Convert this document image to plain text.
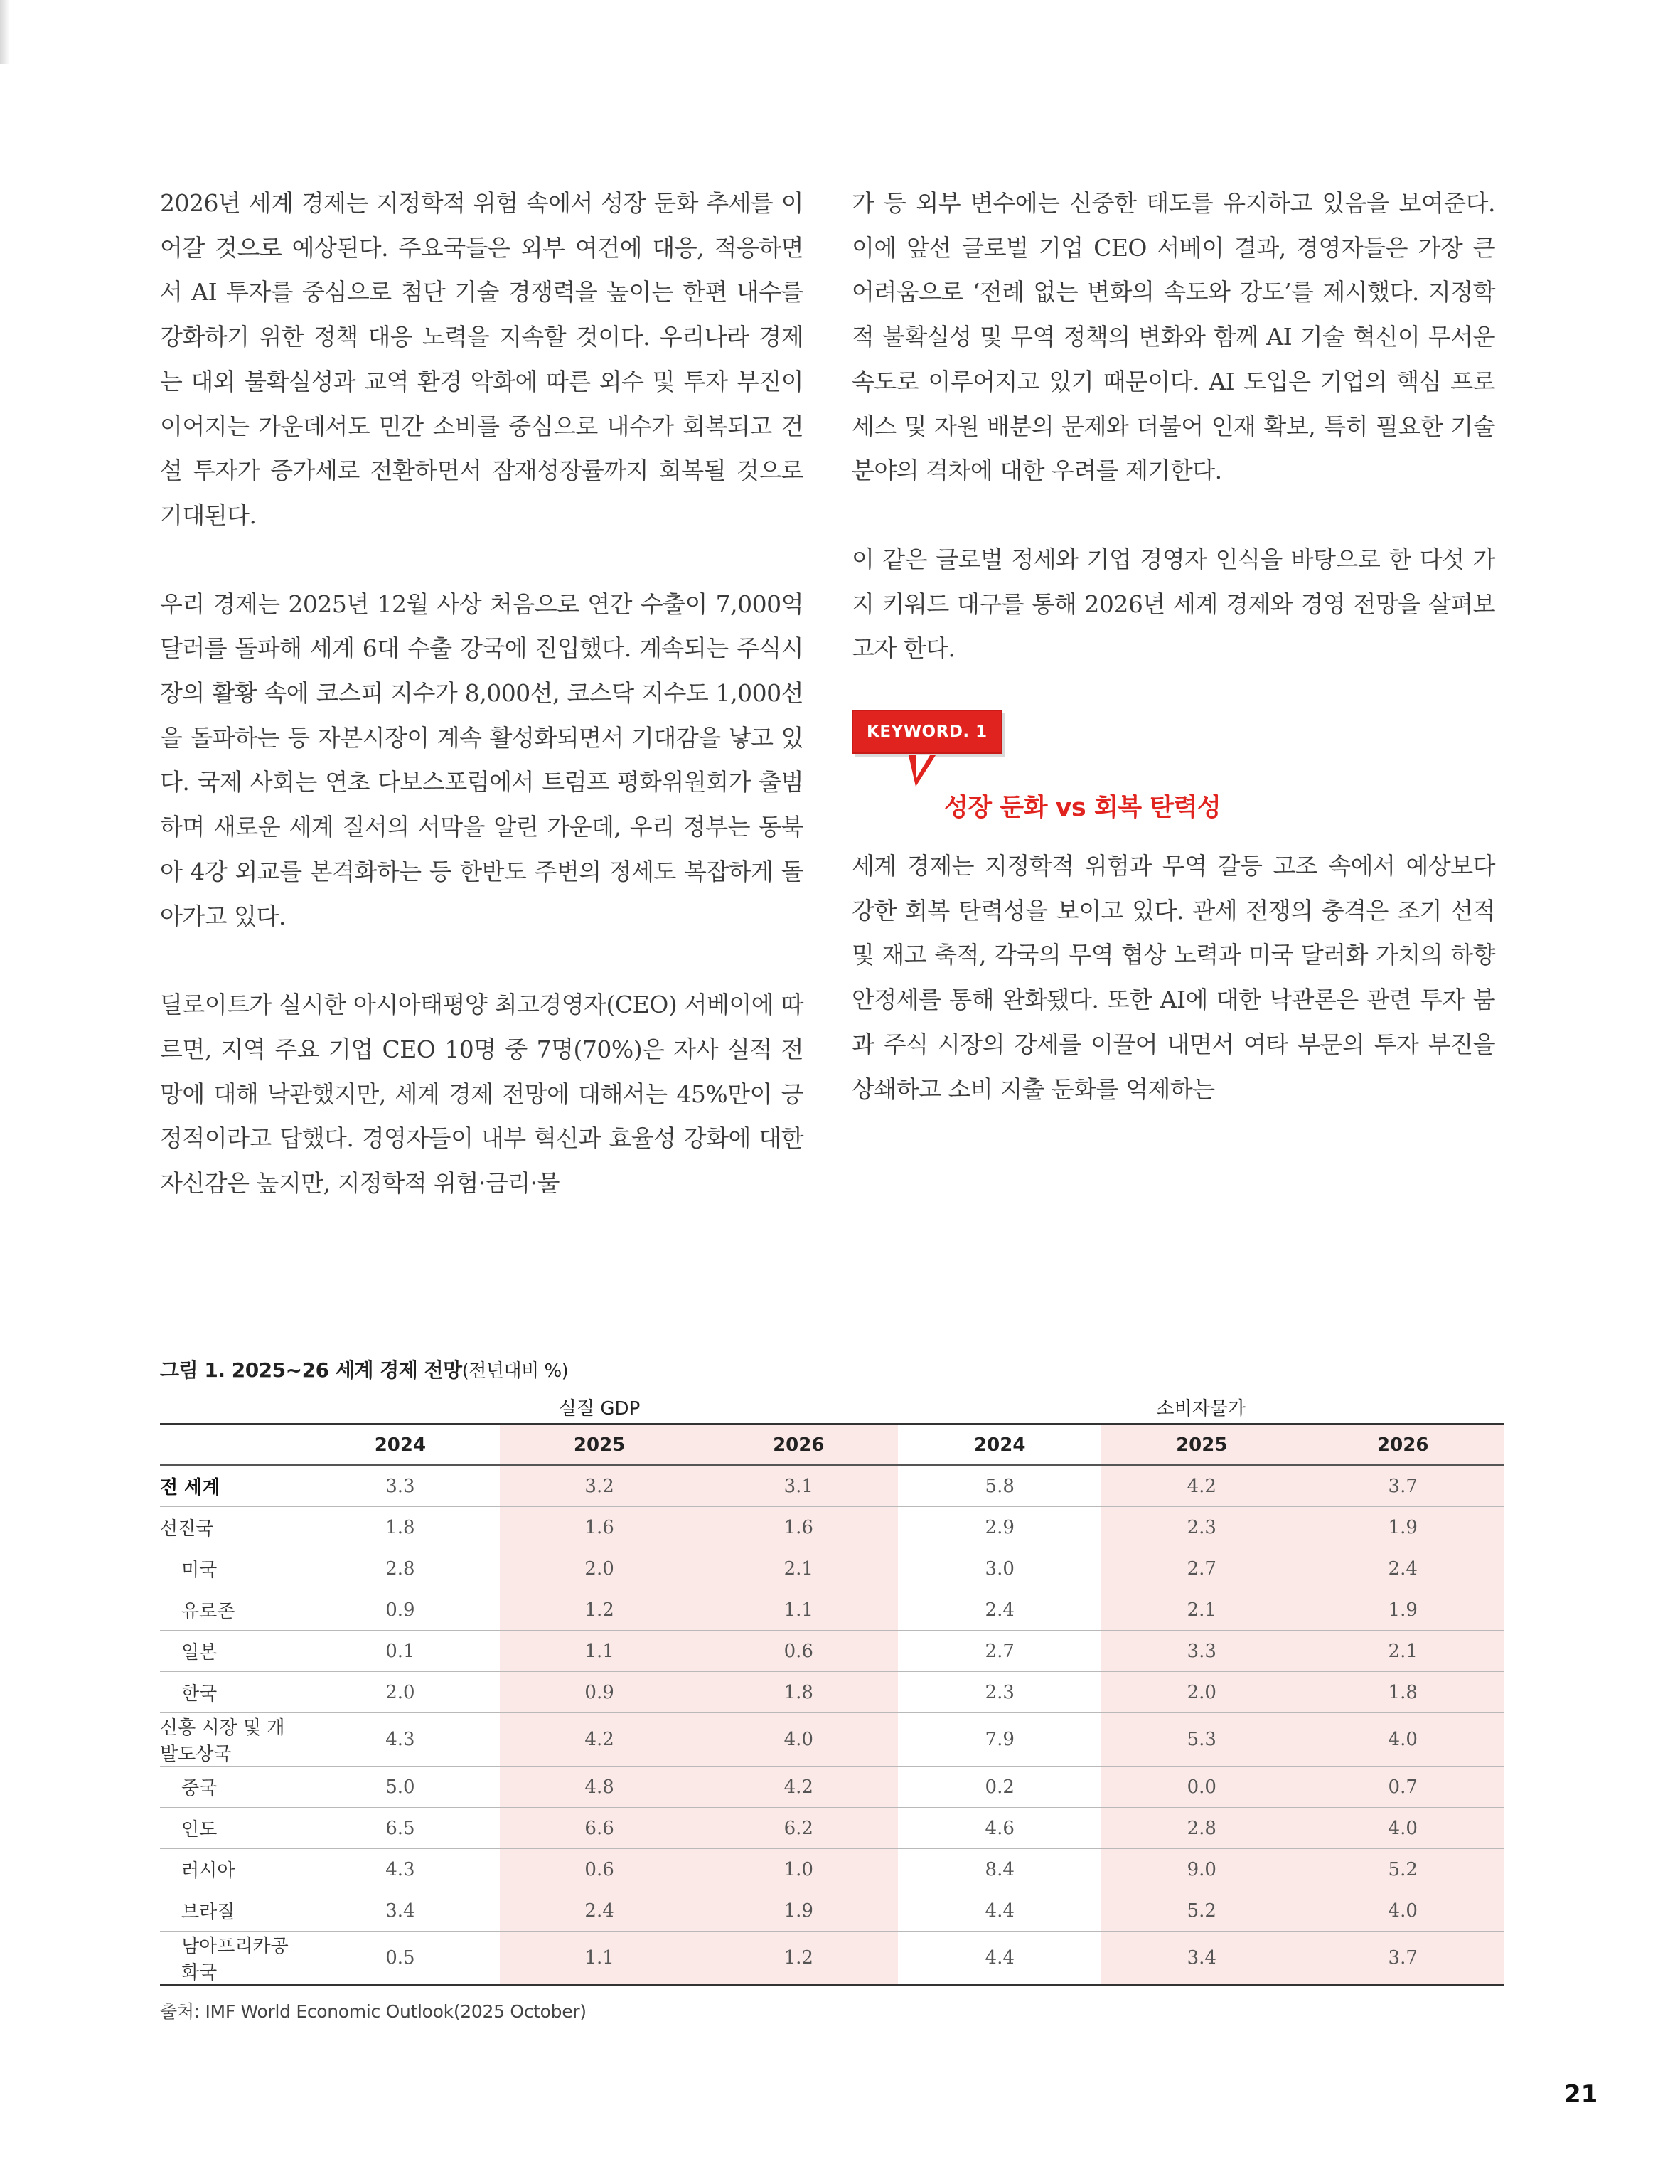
2026년 세계 경제는 지정학적 위험 속에서 성장 둔화 추세를 이어갈 것으로 예상된다. 주요국들은 외부 여건에 대응, 적응하면서 AI 투자를 중심으로 첨단 기술 경쟁력을 높이는 한편 내수를 강화하기 위한 정책 대응 노력을 지속할 것이다. 우리나라 경제는 대외 불확실성과 교역 환경 악화에 따른 외수 및 투자 부진이 이어지는 가운데서도 민간 소비를 중심으로 내수가 회복되고 건설 투자가 증가세로 전환하면서 잠재성장률까지 회복될 것으로 기대된다.

우리 경제는 2025년 12월 사상 처음으로 연간 수출이 7,000억 달러를 돌파해 세계 6대 수출 강국에 진입했다. 계속되는 주식시장의 활황 속에 코스피 지수가 8,000선, 코스닥 지수도 1,000선을 돌파하는 등 자본시장이 계속 활성화되면서 기대감을 낳고 있다. 국제 사회는 연초 다보스포럼에서 트럼프 평화위원회가 출범하며 새로운 세계 질서의 서막을 알린 가운데, 우리 정부는 동북아 4강 외교를 본격화하는 등 한반도 주변의 정세도 복잡하게 돌아가고 있다.

딜로이트가 실시한 아시아태평양 최고경영자(CEO) 서베이에 따르면, 지역 주요 기업 CEO 10명 중 7명(70%)은 자사 실적 전망에 대해 낙관했지만, 세계 경제 전망에 대해서는 45%만이 긍정적이라고 답했다. 경영자들이 내부 혁신과 효율성 강화에 대한 자신감은 높지만, 지정학적 위험·금리·물

가 등 외부 변수에는 신중한 태도를 유지하고 있음을 보여준다. 이에 앞선 글로벌 기업 CEO 서베이 결과, 경영자들은 가장 큰 어려움으로 ‘전례 없는 변화의 속도와 강도’를 제시했다. 지정학적 불확실성 및 무역 정책의 변화와 함께 AI 기술 혁신이 무서운 속도로 이루어지고 있기 때문이다. AI 도입은 기업의 핵심 프로세스 및 자원 배분의 문제와 더불어 인재 확보, 특히 필요한 기술 분야의 격차에 대한 우려를 제기한다.

이 같은 글로벌 정세와 기업 경영자 인식을 바탕으로 한 다섯 가지 키워드 대구를 통해 2026년 세계 경제와 경영 전망을 살펴보고자 한다.

KEYWORD. 1
성장 둔화 vs 회복 탄력성

세계 경제는 지정학적 위험과 무역 갈등 고조 속에서 예상보다 강한 회복 탄력성을 보이고 있다. 관세 전쟁의 충격은 조기 선적 및 재고 축적, 각국의 무역 협상 노력과 미국 달러화 가치의 하향 안정세를 통해 완화됐다. 또한 AI에 대한 낙관론은 관련 투자 붐과 주식 시장의 강세를 이끌어 내면서 여타 부문의 투자 부진을 상쇄하고 소비 지출 둔화를 억제하는

그림 1. 2025~26 세계 경제 전망(전년대비 %)
	실질 GDP			소비자물가		
	2024	2025	2026	2024	2025	2026
전 세계	3.3	3.2	3.1	5.8	4.2	3.7
선진국	1.8	1.6	1.6	2.9	2.3	1.9
미국	2.8	2.0	2.1	3.0	2.7	2.4
유로존	0.9	1.2	1.1	2.4	2.1	1.9
일본	0.1	1.1	0.6	2.7	3.3	2.1
한국	2.0	0.9	1.8	2.3	2.0	1.8
신흥 시장 및 개발도상국	4.3	4.2	4.0	7.9	5.3	4.0
중국	5.0	4.8	4.2	0.2	0.0	0.7
인도	6.5	6.6	6.2	4.6	2.8	4.0
러시아	4.3	0.6	1.0	8.4	9.0	5.2
브라질	3.4	2.4	1.9	4.4	5.2	4.0
남아프리카공화국	0.5	1.1	1.2	4.4	3.4	3.7
출처: IMF World Economic Outlook(2025 October)
21
